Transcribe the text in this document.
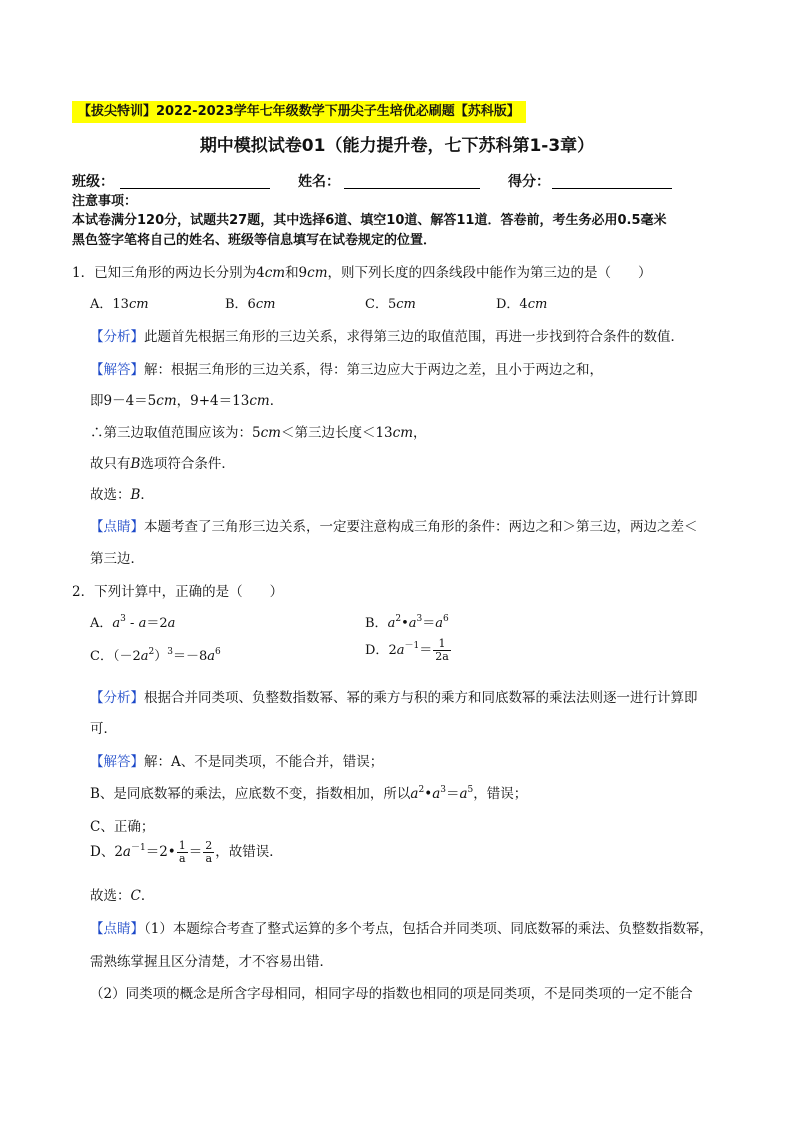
【拔尖特训】2022-2023学年七年级数学下册尖子生培优必刷题【苏科版】
期中模拟试卷01（能力提升卷，七下苏科第1-3章）
班级：	姓名：	得分：
注意事项：
本试卷满分120分，试题共27题，其中选择6道、填空10道、解答11道．答卷前，考生务必用0.5毫米
黑色签字笔将自己的姓名、班级等信息填写在试卷规定的位置．
1．已知三角形的两边长分别为4cm和9cm，则下列长度的四条线段中能作为第三边的是（　　）
A．13cm	B．6cm	C．5cm	D．4cm
【分析】此题首先根据三角形的三边关系，求得第三边的取值范围，再进一步找到符合条件的数值．
【解答】解：根据三角形的三边关系，得：第三边应大于两边之差，且小于两边之和，
即9－4＝5cm，9+4＝13cm．
∴第三边取值范围应该为：5cm＜第三边长度＜13cm，
故只有B选项符合条件．
故选：B．
【点睛】本题考查了三角形三边关系，一定要注意构成三角形的条件：两边之和＞第三边，两边之差＜
第三边．
2．下列计算中，正确的是（　　）
A．$a^3 - a=2a$	B．$a^2•a^3=a^6$
C．$(-2a^2)^3=-8a^6$	D．$2a^{-1}= \frac{1}{2a}$
【分析】根据合并同类项、负整数指数幂、幂的乘方与积的乘方和同底数幂的乘法法则逐一进行计算即
可．
【解答】解：A、不是同类项，不能合并，错误；
B、是同底数幂的乘法，应底数不变，指数相加，所以$a^2•a^3=a^5$，错误；
C、正确；
D、$2a^{-1}=2• \frac{1}{a} = \frac{2}{a}$ ，故错误．
故选：C．
【点睛】（1）本题综合考查了整式运算的多个考点，包括合并同类项、同底数幂的乘法、负整数指数幂，
需熟练掌握且区分清楚，才不容易出错．
（2）同类项的概念是所含字母相同，相同字母的指数也相同的项是同类项，不是同类项的一定不能合
